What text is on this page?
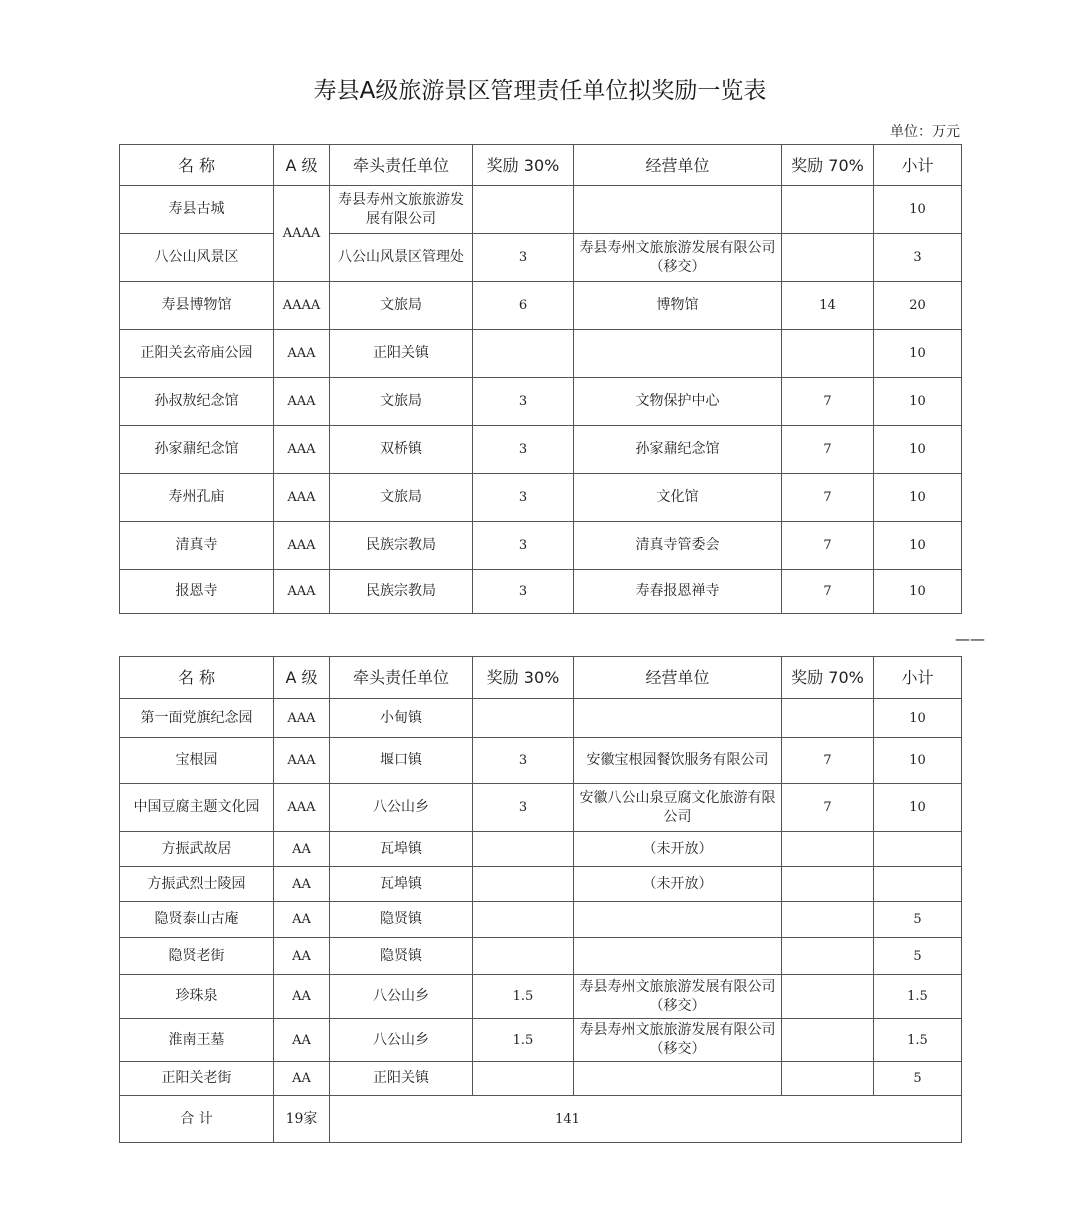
寿县A级旅游景区管理责任单位拟奖励一览表
单位：万元
——
名 称	A 级	牵头责任单位	奖励 30%	经营单位	奖励 70%	小计
寿县古城	AAAA	寿县寿州文旅旅游发展有限公司				10
八公山风景区		八公山风景区管理处	3	寿县寿州文旅旅游发展有限公司（移交）		3
寿县博物馆	AAAA	文旅局	6	博物馆	14	20
正阳关玄帝庙公园	AAA	正阳关镇				10
孙叔敖纪念馆	AAA	文旅局	3	文物保护中心	7	10
孙家鼐纪念馆	AAA	双桥镇	3	孙家鼐纪念馆	7	10
寿州孔庙	AAA	文旅局	3	文化馆	7	10
清真寺	AAA	民族宗教局	3	清真寺管委会	7	10
报恩寺	AAA	民族宗教局	3	寿春报恩禅寺	7	10
名 称	A 级	牵头责任单位	奖励 30%	经营单位	奖励 70%	小计
第一面党旗纪念园	AAA	小甸镇				10
宝根园	AAA	堰口镇	3	安徽宝根园餐饮服务有限公司	7	10
中国豆腐主题文化园	AAA	八公山乡	3	安徽八公山泉豆腐文化旅游有限公司	7	10
方振武故居	AA	瓦埠镇		（未开放）		
方振武烈士陵园	AA	瓦埠镇		（未开放）		
隐贤泰山古庵	AA	隐贤镇				5
隐贤老街	AA	隐贤镇				5
珍珠泉	AA	八公山乡	1.5	寿县寿州文旅旅游发展有限公司（移交）		1.5
淮南王墓	AA	八公山乡	1.5	寿县寿州文旅旅游发展有限公司（移交）		1.5
正阳关老街	AA	正阳关镇				5
合 计	19家	141				
